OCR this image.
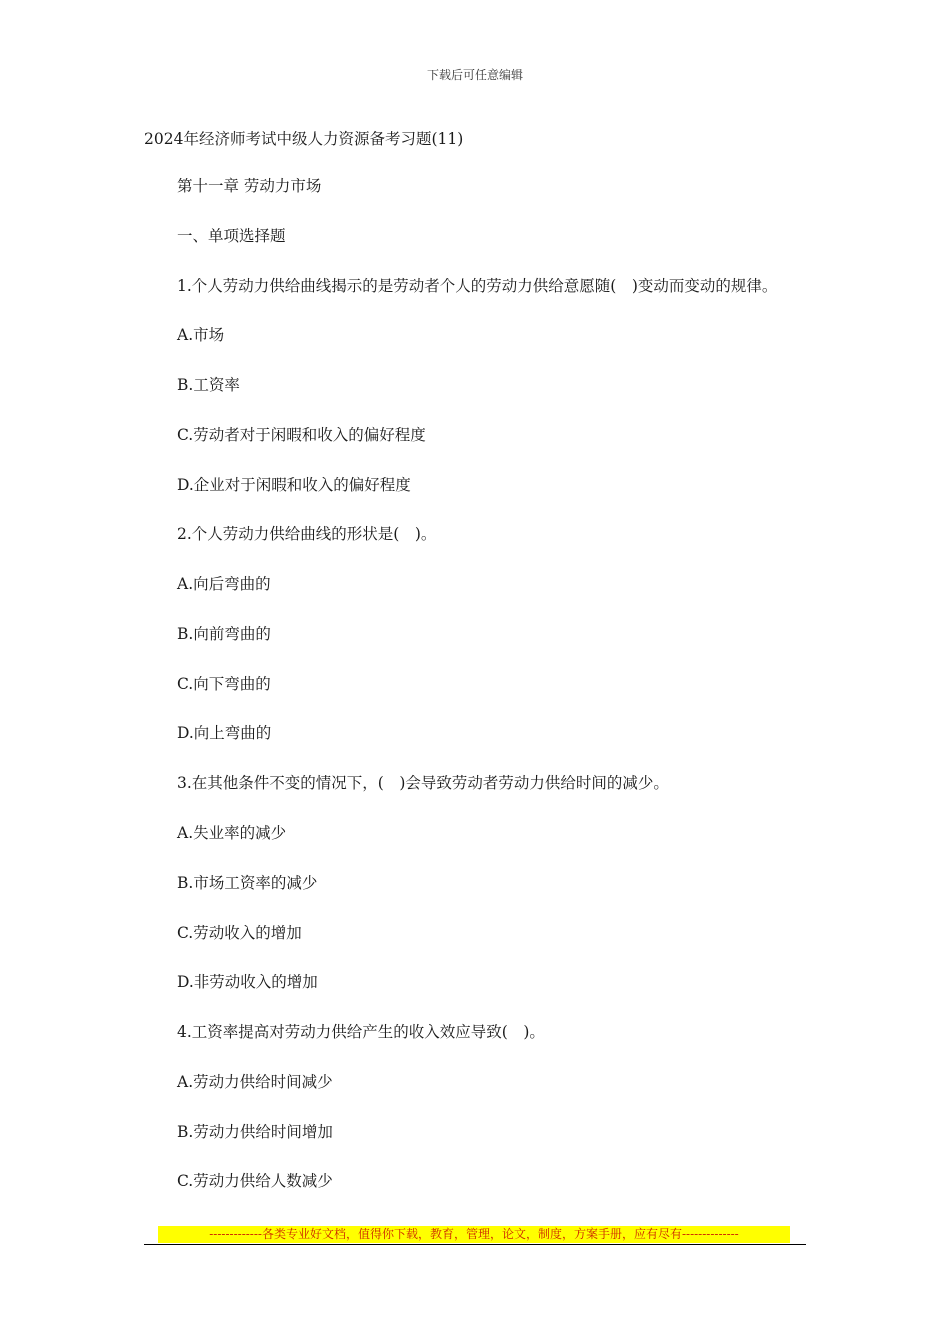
下载后可任意编辑
2024年经济师考试中级人力资源备考习题(11)
第十一章 劳动力市场
一、单项选择题
1.个人劳动力供给曲线揭示的是劳动者个人的劳动力供给意愿随(　)变动而变动的规律。
A.市场
B.工资率
C.劳动者对于闲暇和收入的偏好程度
D.企业对于闲暇和收入的偏好程度
2.个人劳动力供给曲线的形状是(　)。
A.向后弯曲的
B.向前弯曲的
C.向下弯曲的
D.向上弯曲的
3.在其他条件不变的情况下，(　)会导致劳动者劳动力供给时间的减少。
A.失业率的减少
B.市场工资率的减少
C.劳动收入的增加
D.非劳动收入的增加
4.工资率提高对劳动力供给产生的收入效应导致(　)。
A.劳动力供给时间减少
B.劳动力供给时间增加
C.劳动力供给人数减少
-------------各类专业好文档，值得你下载，教育，管理，论文，制度，方案手册，应有尽有--------------
